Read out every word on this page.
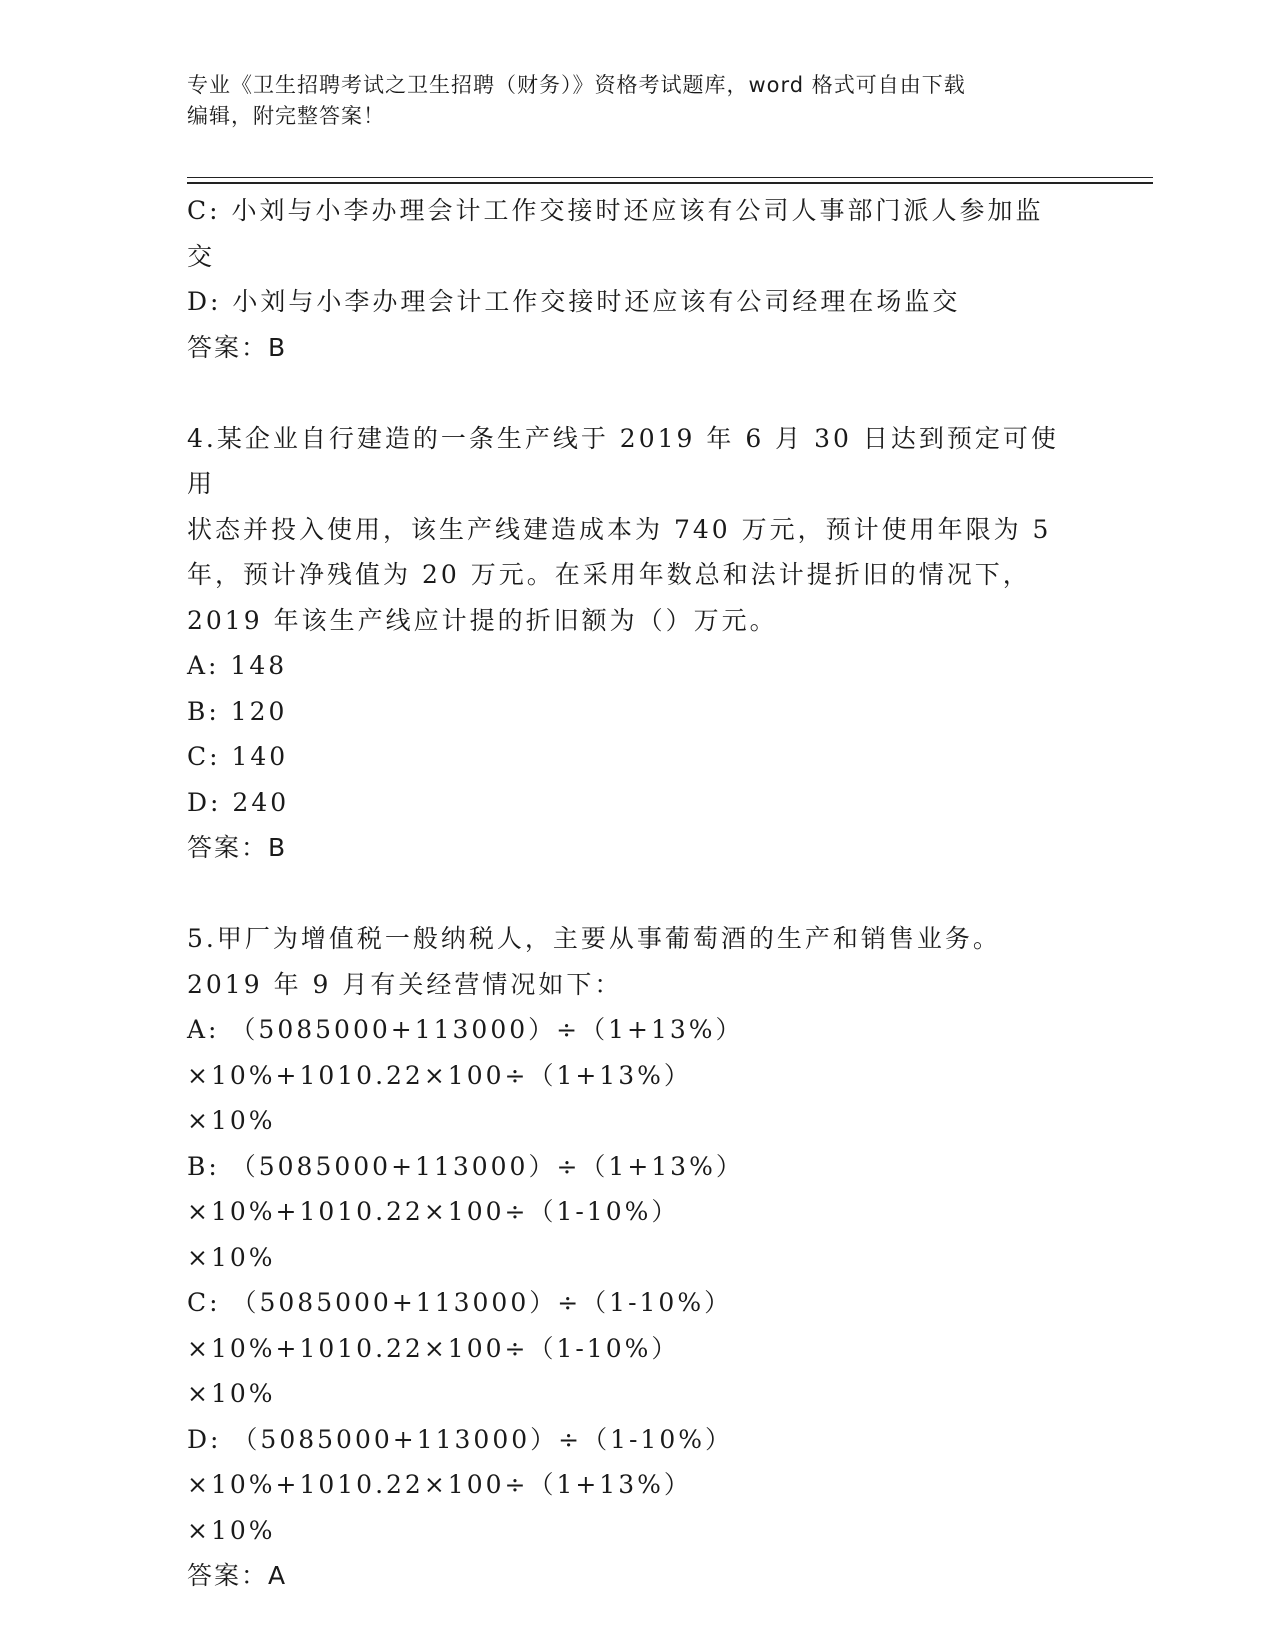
专业《卫生招聘考试之卫生招聘（财务）》资格考试题库，word 格式可自由下载
编辑，附完整答案！

C: 小刘与小李办理会计工作交接时还应该有公司人事部门派人参加监

交

D: 小刘与小李办理会计工作交接时还应该有公司经理在场监交

答案：B

4.某企业自行建造的一条生产线于 2019 年 6 月 30 日达到预定可使用

状态并投入使用，该生产线建造成本为 740 万元，预计使用年限为 5

年，预计净残值为 20 万元。在采用年数总和法计提折旧的情况下，

2019 年该生产线应计提的折旧额为（）万元。

A: 148

B: 120

C: 140

D: 240

答案：B

5.甲厂为增值税一般纳税人，主要从事葡萄酒的生产和销售业务。

2019 年 9 月有关经营情况如下：

A: （5085000+113000）÷（1+13%）×10%+1010.22×100÷（1+13%）

×10%

B: （5085000+113000）÷（1+13%）×10%+1010.22×100÷（1-10%）

×10%

C: （5085000+113000）÷（1-10%）×10%+1010.22×100÷（1-10%）

×10%

D: （5085000+113000）÷（1-10%）×10%+1010.22×100÷（1+13%）

×10%

答案：A
